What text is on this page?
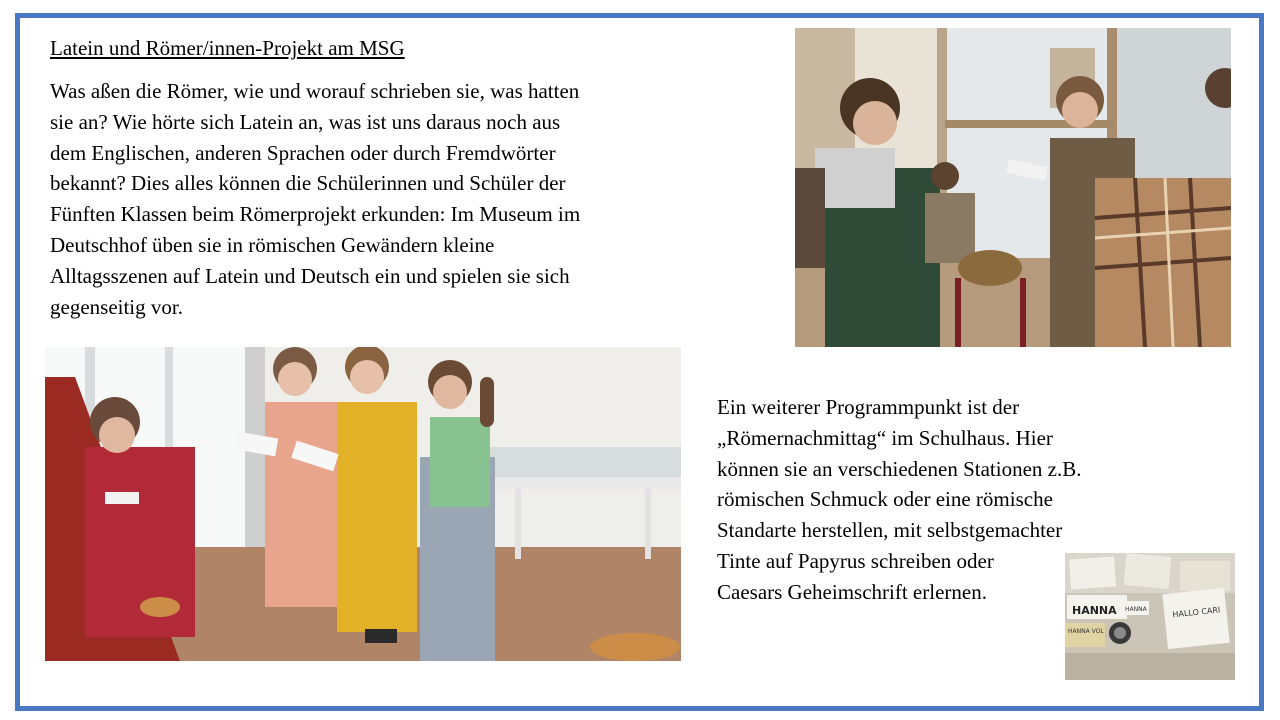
Latein und Römer/innen-Projekt am MSG
Was aßen die Römer, wie und worauf schrieben sie, was hatten
sie an? Wie hörte sich Latein an, was ist uns daraus noch aus
dem Englischen, anderen Sprachen oder durch Fremdwörter
bekannt? Dies alles können die Schülerinnen und Schüler der
Fünften Klassen beim Römerprojekt erkunden: Im Museum im
Deutschhof üben sie in römischen Gewändern kleine
Alltagsszenen auf Latein und Deutsch ein und spielen sie sich
gegenseitig vor.
Ein weiterer Programmpunkt ist der
„Römernachmittag“ im Schulhaus. Hier
können sie an verschiedenen Stationen z.B.
römischen Schmuck oder eine römische
Standarte herstellen, mit selbstgemachter
Tinte auf Papyrus schreiben oder
Caesars Geheimschrift erlernen.
HANNA HANNA
HANNA VOL
HALLO CARI
